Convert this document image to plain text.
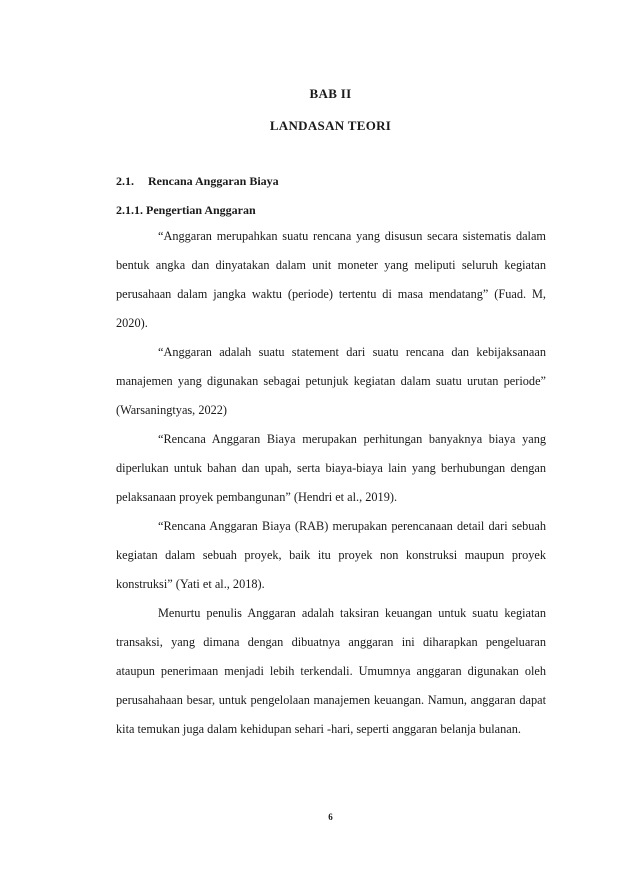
BAB II
LANDASAN TEORI
2.1. Rencana Anggaran Biaya
2.1.1. Pengertian Anggaran

“Anggaran merupahkan suatu rencana yang disusun secara sistematis dalam bentuk angka dan dinyatakan dalam unit moneter yang meliputi seluruh kegiatan perusahaan dalam jangka waktu (periode) tertentu di masa mendatang” (Fuad. M, 2020).

“Anggaran adalah suatu statement dari suatu rencana dan kebijaksanaan manajemen yang digunakan sebagai petunjuk kegiatan dalam suatu urutan periode” (Warsaningtyas, 2022)

“Rencana Anggaran Biaya merupakan perhitungan banyaknya biaya yang diperlukan untuk bahan dan upah, serta biaya-biaya lain yang berhubungan dengan pelaksanaan proyek pembangunan” (Hendri et al., 2019).

“Rencana Anggaran Biaya (RAB) merupakan perencanaan detail dari sebuah kegiatan dalam sebuah proyek, baik itu proyek non konstruksi maupun proyek konstruksi” (Yati et al., 2018).

Menurtu penulis Anggaran adalah taksiran keuangan untuk suatu kegiatan transaksi, yang dimana dengan dibuatnya anggaran ini diharapkan pengeluaran ataupun penerimaan menjadi lebih terkendali. Umumnya anggaran digunakan oleh perusahahaan besar, untuk pengelolaan manajemen keuangan. Namun, anggaran dapat kita temukan juga dalam kehidupan sehari -hari, seperti anggaran belanja bulanan.

6
